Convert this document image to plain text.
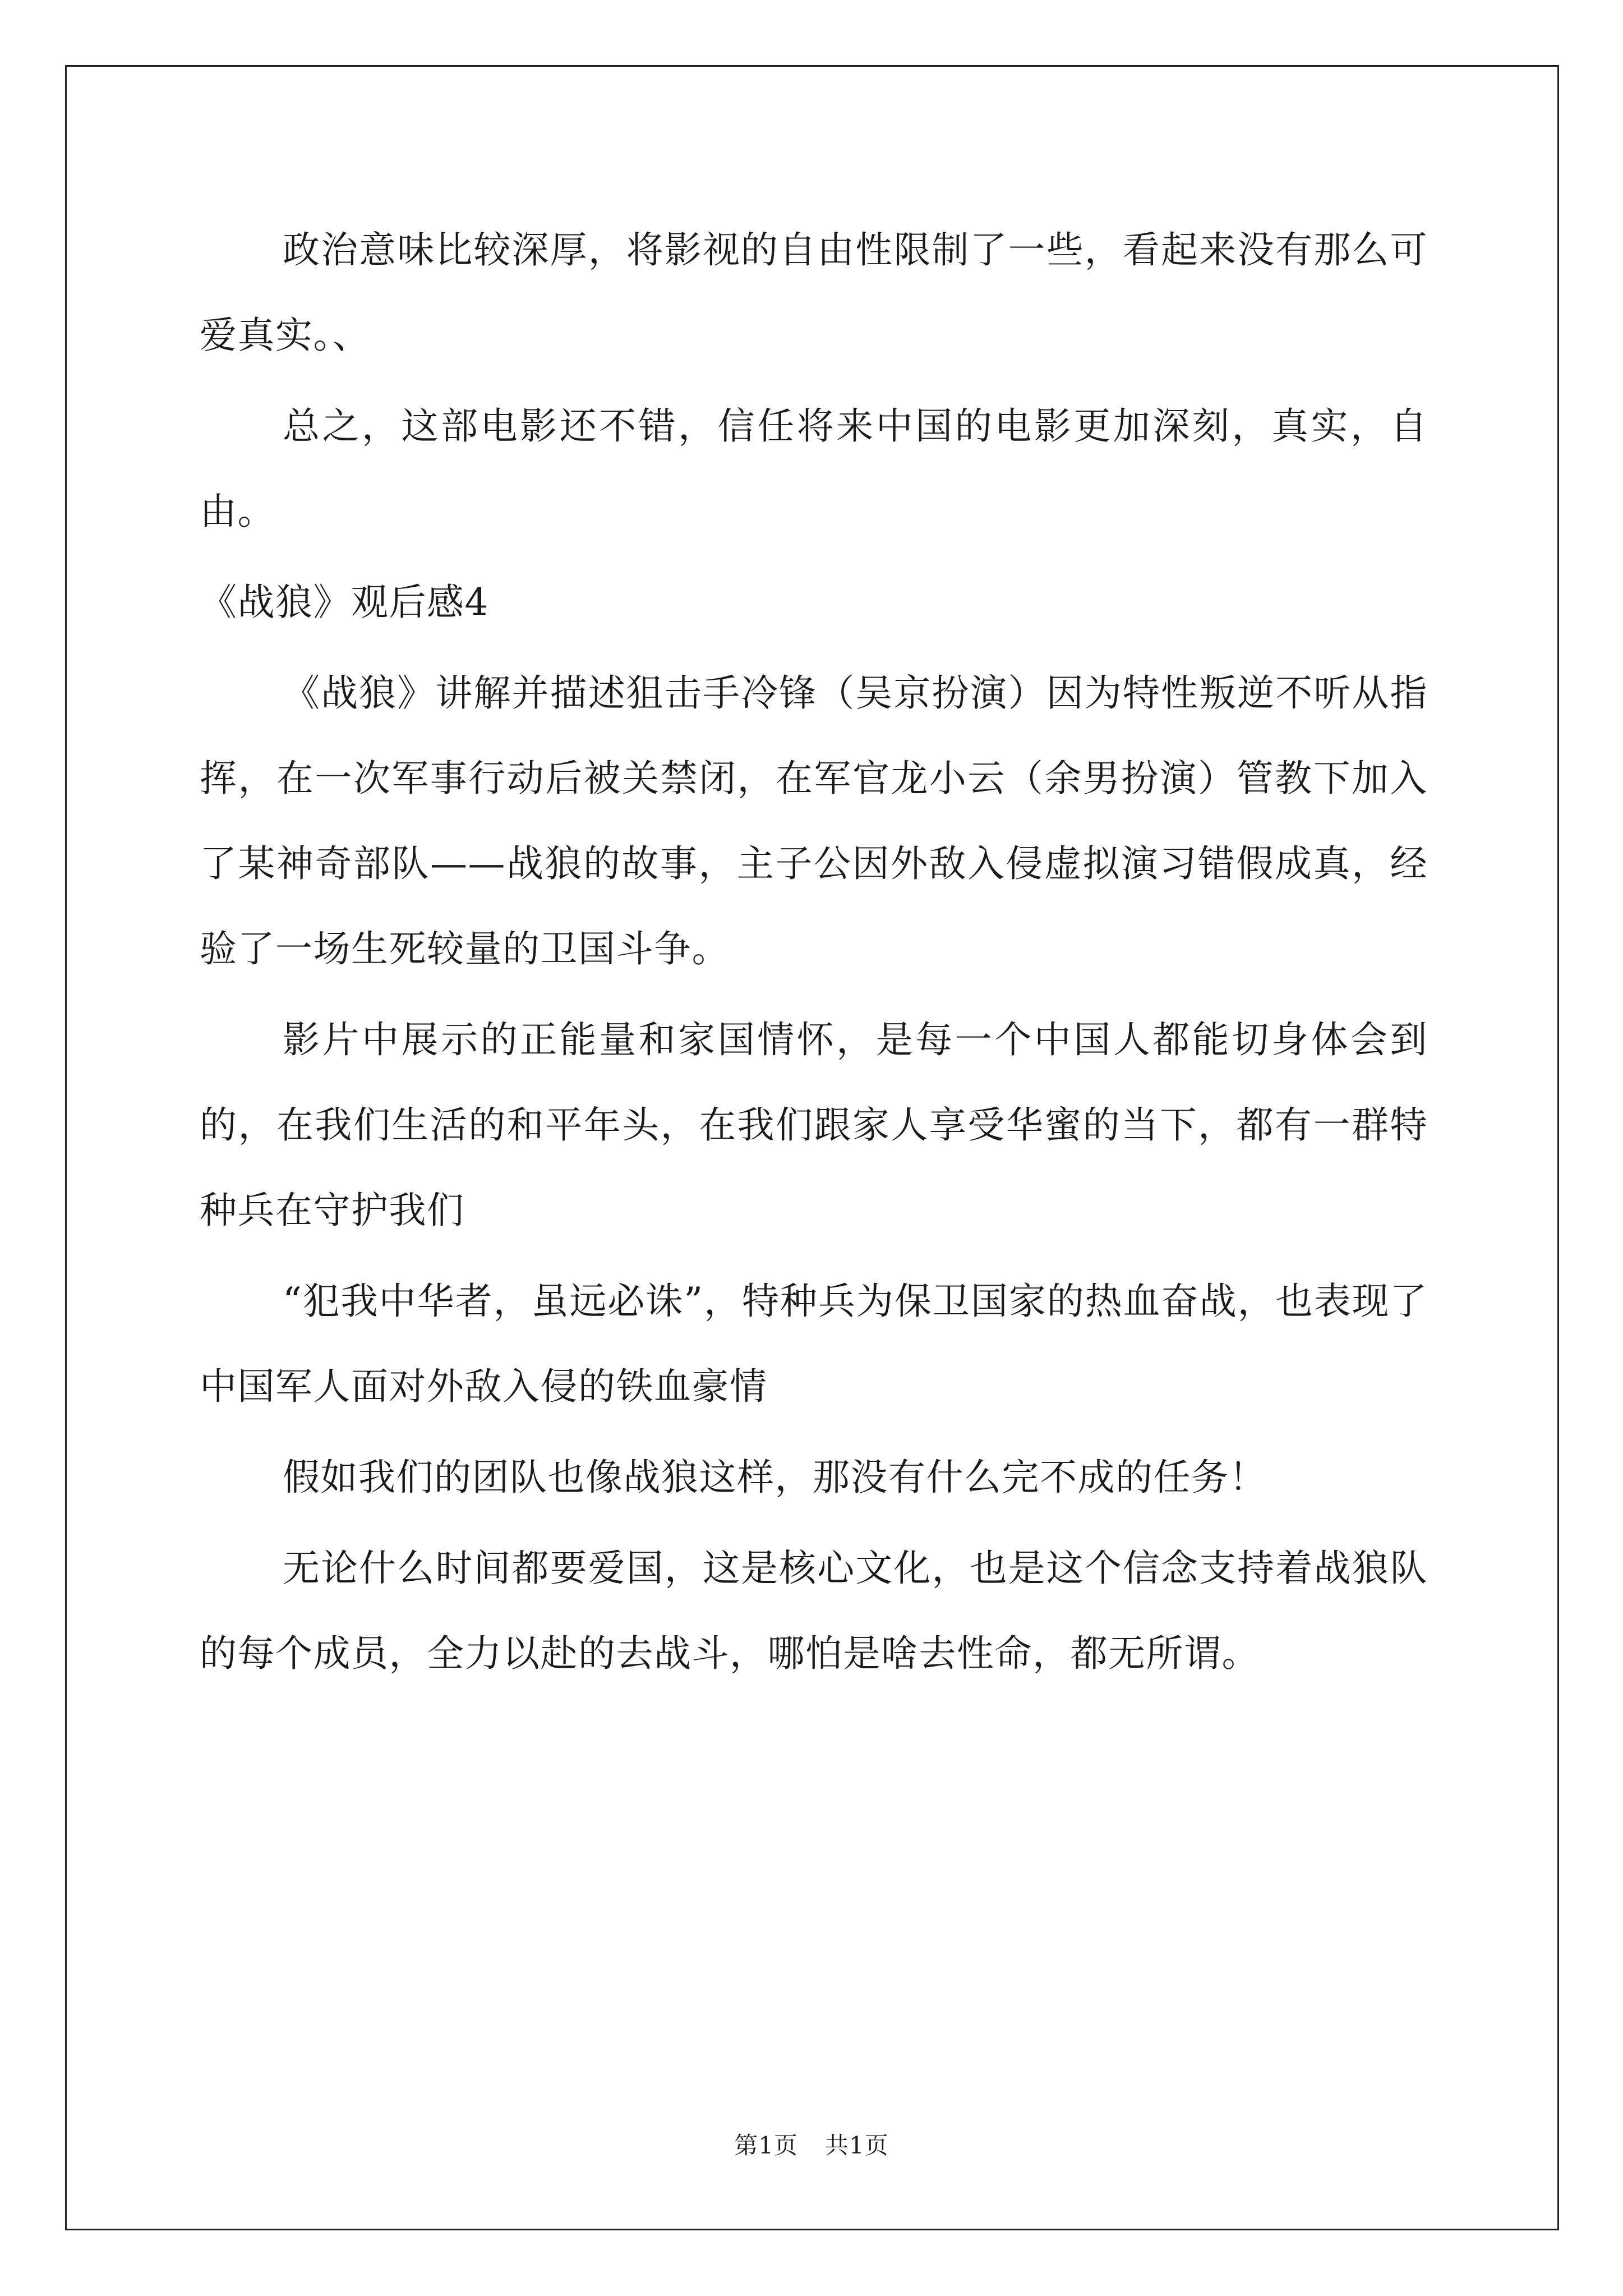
政治意味比较深厚，将影视的自由性限制了一些，看起来没有那么可爱真实。、

总之，这部电影还不错，信任将来中国的电影更加深刻，真实，自由。

《战狼》观后感4

《战狼》讲解并描述狙击手冷锋（吴京扮演）因为特性叛逆不听从指挥，在一次军事行动后被关禁闭，在军官龙小云（余男扮演）管教下加入了某神奇部队——战狼的故事，主子公因外敌入侵虚拟演习错假成真，经验了一场生死较量的卫国斗争。

影片中展示的正能量和家国情怀，是每一个中国人都能切身体会到的，在我们生活的和平年头，在我们跟家人享受华蜜的当下，都有一群特种兵在守护我们

“犯我中华者，虽远必诛”，特种兵为保卫国家的热血奋战，也表现了中国军人面对外敌入侵的铁血豪情

假如我们的团队也像战狼这样，那没有什么完不成的任务！

无论什么时间都要爱国，这是核心文化，也是这个信念支持着战狼队的每个成员，全力以赴的去战斗，哪怕是啥去性命，都无所谓。

第1页 共1页
